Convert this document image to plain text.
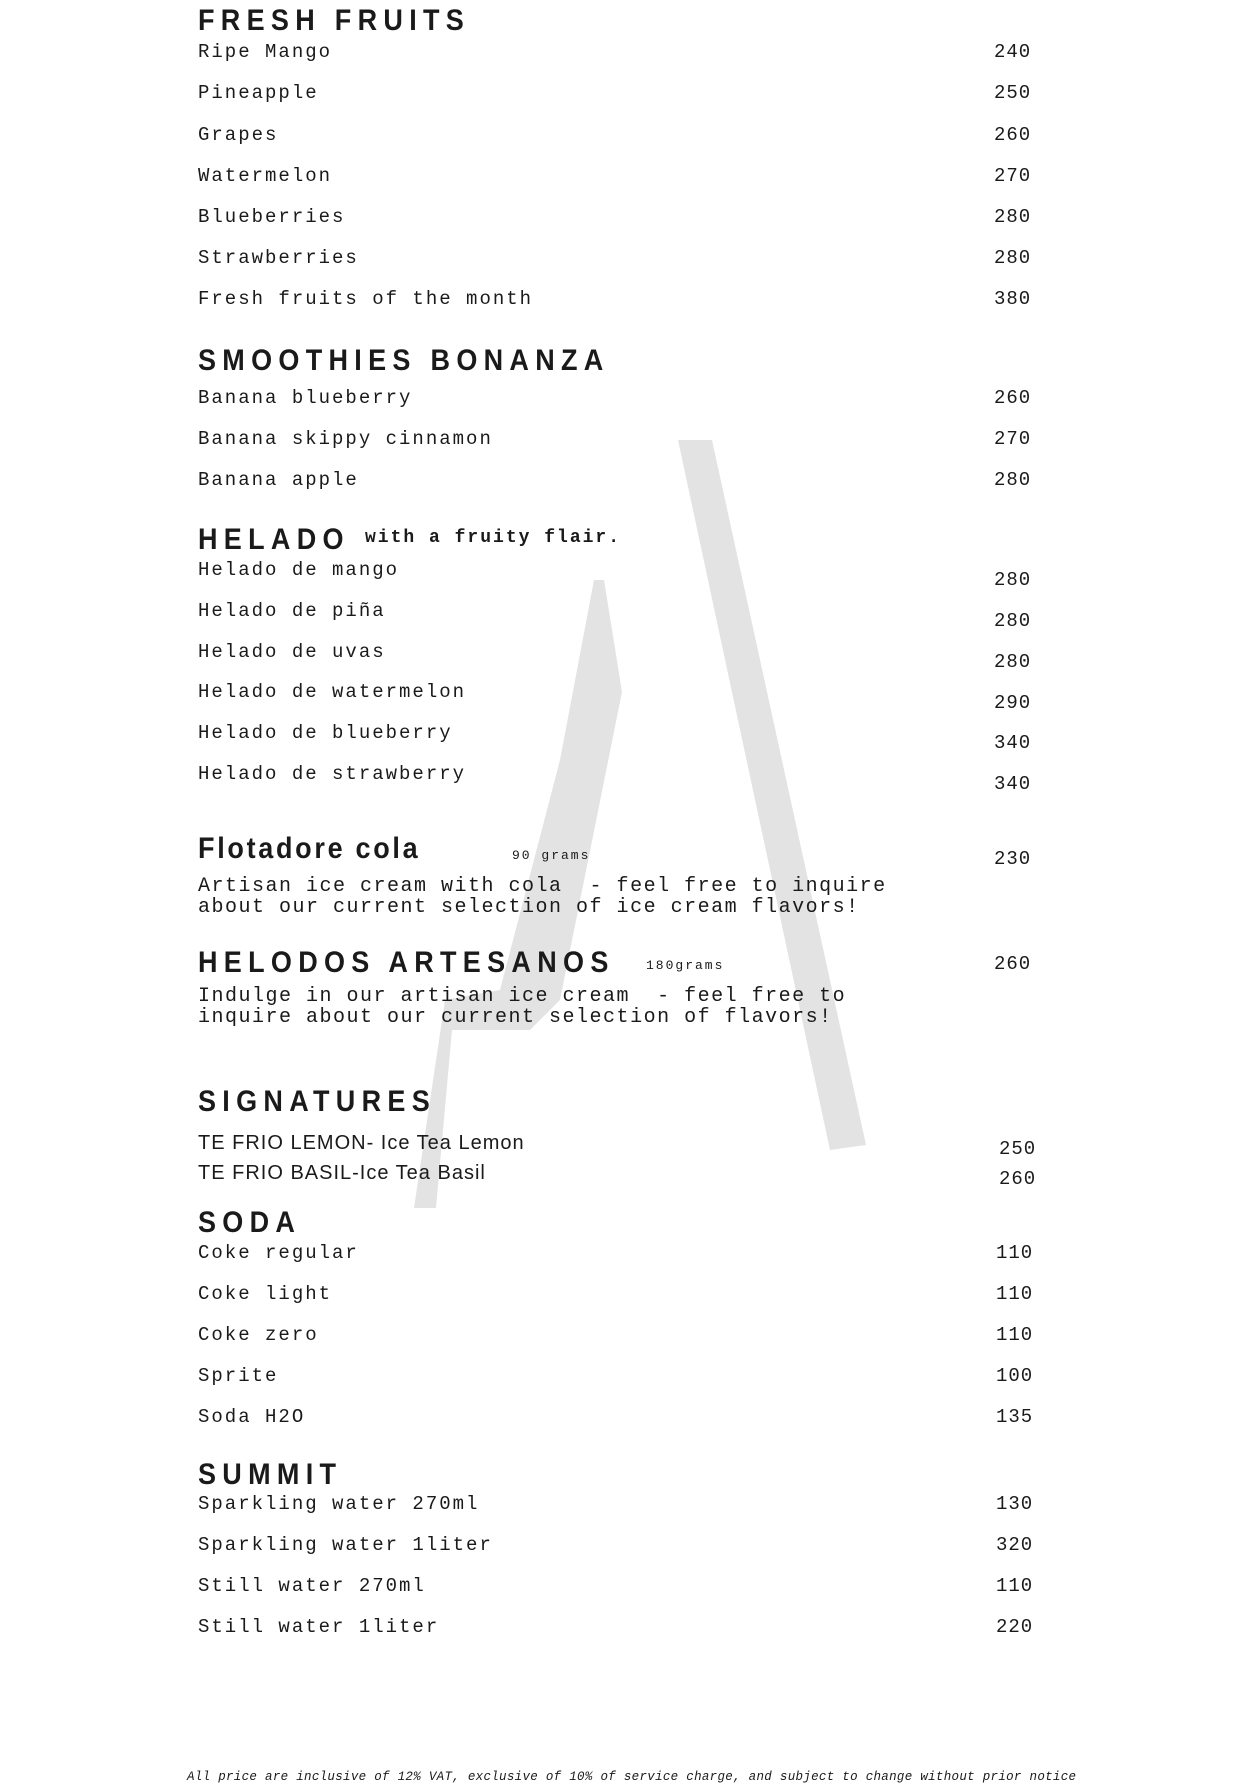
FRESH FRUITS
Ripe Mango	240
Pineapple	250
Grapes	260
Watermelon	270
Blueberries	280
Strawberries	280
Fresh fruits of the month	380
SMOOTHIES BONANZA
Banana blueberry	260
Banana skippy cinnamon	270
Banana apple	280
Helado de mango	280
Helado de piña	280
Helado de uvas	280
Helado de watermelon	290
Helado de blueberry	340
Helado de strawberry	340
SIGNATURES
TE FRIO LEMON- Ice Tea Lemon	250
TE FRIO BASIL-Ice Tea Basil	260
SODA
Coke regular	110
Coke light	110
Coke zero	110
Sprite	100
Soda H2O	135
SUMMIT
Sparkling water 270ml	130
Sparkling water 1liter	320
Still water 270ml	110
Still water 1liter	220
HELADO with a fruity flair.
Flotadore cola	90 grams	230
Artisan ice cream with cola  - feel free to inquire
about our current selection of ice cream flavors!
HELODOS ARTESANOS 180grams	260
Indulge in our artisan ice cream  - feel free to
inquire about our current selection of flavors!
All price are inclusive of 12% VAT, exclusive of 10% of service charge, and subject to change without prior notice
